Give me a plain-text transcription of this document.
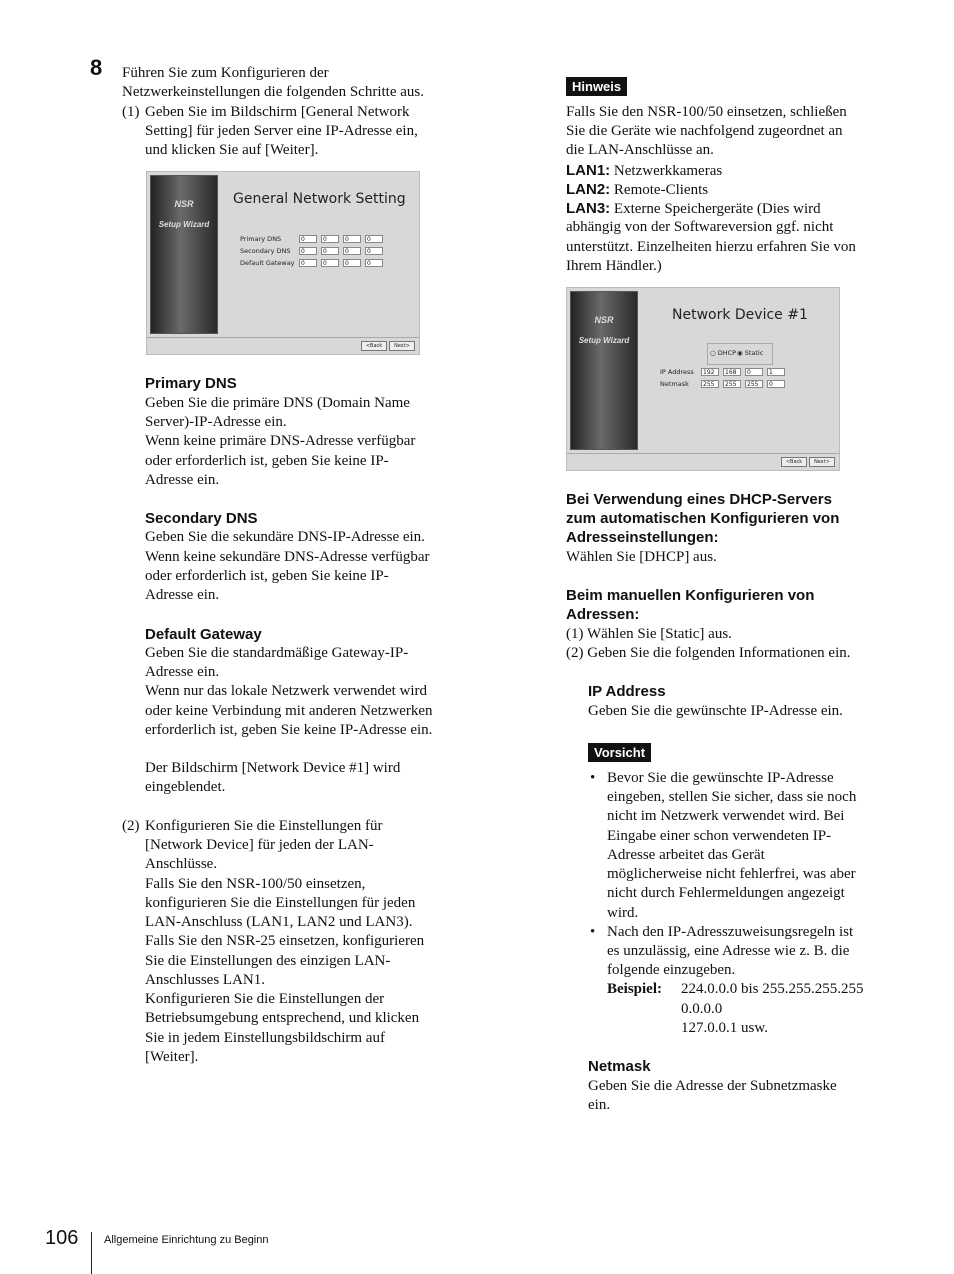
8 Führen Sie zum Konfigurieren der

Netzwerkeinstellungen die folgenden Schritte aus.

(1) Geben Sie im Bildschirm [General Network

Setting] für jeden Server eine IP-Adresse ein,

und klicken Sie auf [Weiter].

NSR
Setup Wizard
General Network Setting
Primary DNS	0	0	0	0
Secondary DNS	0	0	0	0
Default Gateway	0	0	0	0
<Back	Next>
Primary DNS

Geben Sie die primäre DNS (Domain Name

Server)-IP-Adresse ein.

Wenn keine primäre DNS-Adresse verfügbar

oder erforderlich ist, geben Sie keine IP-

Adresse ein.

Secondary DNS

Geben Sie die sekundäre DNS-IP-Adresse ein.

Wenn keine sekundäre DNS-Adresse verfügbar

oder erforderlich ist, geben Sie keine IP-

Adresse ein.

Default Gateway

Geben Sie die standardmäßige Gateway-IP-

Adresse ein.

Wenn nur das lokale Netzwerk verwendet wird

oder keine Verbindung mit anderen Netzwerken

erforderlich ist, geben Sie keine IP-Adresse ein.

Der Bildschirm [Network Device #1] wird

eingeblendet.

(2) Konfigurieren Sie die Einstellungen für

[Network Device] für jeden der LAN-

Anschlüsse.

Falls Sie den NSR-100/50 einsetzen,

konfigurieren Sie die Einstellungen für jeden

LAN-Anschluss (LAN1, LAN2 und LAN3).

Falls Sie den NSR-25 einsetzen, konfigurieren

Sie die Einstellungen des einzigen LAN-

Anschlusses LAN1.

Konfigurieren Sie die Einstellungen der

Betriebsumgebung entsprechend, und klicken

Sie in jedem Einstellungsbildschirm auf

[Weiter].

Hinweis

Falls Sie den NSR-100/50 einsetzen, schließen

Sie die Geräte wie nachfolgend zugeordnet an

die LAN-Anschlüsse an.

LAN1: Netzwerkkameras

LAN2: Remote-Clients

LAN3: Externe Speichergeräte (Dies wird

abhängig von der Softwareversion ggf. nicht

unterstützt. Einzelheiten hierzu erfahren Sie von

Ihrem Händler.)

NSR
Setup Wizard
Network Device #1
○ DHCP ◉ Static
IP Address	192	168	0	1
Netmask	255	255	255	0
<Back	Next>
Bei Verwendung eines DHCP-Servers
zum automatischen Konfigurieren von
Adresseinstellungen:

Wählen Sie [DHCP] aus.

Beim manuellen Konfigurieren von
Adressen:

(1) Wählen Sie [Static] aus.

(2) Geben Sie die folgenden Informationen ein.

IP Address

Geben Sie die gewünschte IP-Adresse ein.

Vorsicht

• Bevor Sie die gewünschte IP-Adresse

eingeben, stellen Sie sicher, dass sie noch

nicht im Netzwerk verwendet wird. Bei

Eingabe einer schon verwendeten IP-

Adresse arbeitet das Gerät

möglicherweise nicht fehlerfrei, was aber

nicht durch Fehlermeldungen angezeigt

wird.

• Nach den IP-Adresszuweisungsregeln ist

es unzulässig, eine Adresse wie z. B. die

folgende einzugeben.

Beispiel: 224.0.0.0 bis 255.255.255.255

0.0.0.0

127.0.0.1 usw.

Netmask

Geben Sie die Adresse der Subnetzmaske

ein.

106 Allgemeine Einrichtung zu Beginn
